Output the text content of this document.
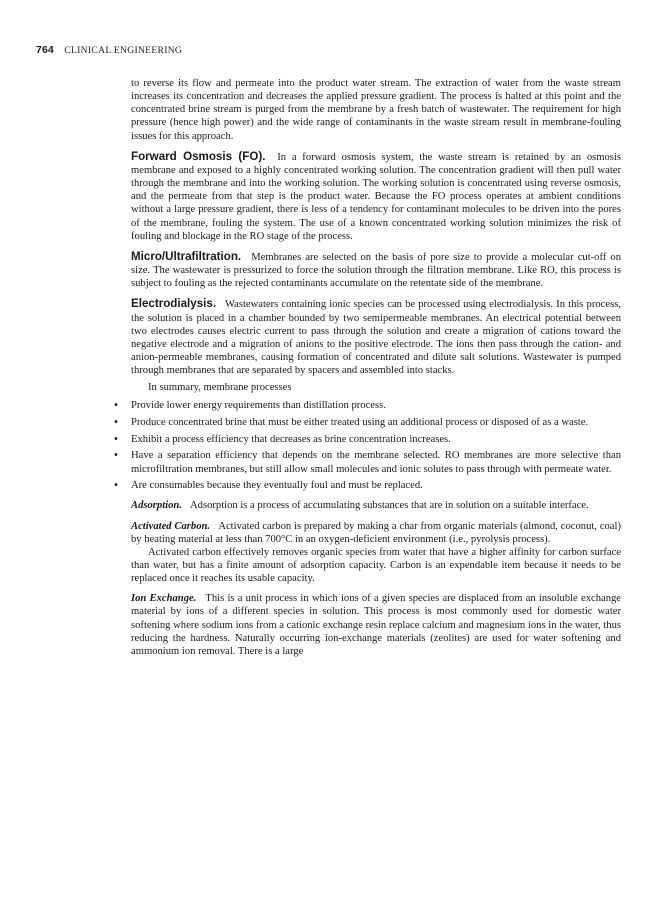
764 CLINICAL ENGINEERING

to reverse its flow and permeate into the product water stream. The extraction of water from the waste stream increases its concentration and decreases the applied pressure gradient. The process is halted at this point and the concentrated brine stream is purged from the membrane by a fresh batch of wastewater. The requirement for high pressure (hence high power) and the wide range of contaminants in the waste stream result in membrane-fouling issues for this approach.

Forward Osmosis (FO). In a forward osmosis system, the waste stream is retained by an osmosis membrane and exposed to a highly concentrated working solution. The concentration gradient will then pull water through the membrane and into the working solution. The working solution is concentrated using reverse osmosis, and the permeate from that step is the product water. Because the FO process operates at ambient conditions without a large pressure gradient, there is less of a tendency for contaminant molecules to be driven into the pores of the membrane, fouling the system. The use of a known concentrated working solution minimizes the risk of fouling and blockage in the RO stage of the process.

Micro/Ultrafiltration. Membranes are selected on the basis of pore size to provide a molecular cut-off on size. The wastewater is pressurized to force the solution through the filtration membrane. Like RO, this process is subject to fouling as the rejected contaminants accumulate on the retentate side of the membrane.

Electrodialysis. Wastewaters containing ionic species can be processed using electrodialysis. In this process, the solution is placed in a chamber bounded by two semipermeable membranes. An electrical potential between two electrodes causes electric current to pass through the solution and create a migration of cations toward the negative electrode and a migration of anions to the positive electrode. The ions then pass through the cation- and anion-permeable membranes, causing formation of concentrated and dilute salt solutions. Wastewater is pumped through membranes that are separated by spacers and assembled into stacks.

In summary, membrane processes

• Provide lower energy requirements than distillation process.
• Produce concentrated brine that must be either treated using an additional process or disposed of as a waste.
• Exhibit a process efficiency that decreases as brine concentration increases.
• Have a separation efficiency that depends on the membrane selected. RO membranes are more selective than microfiltration membranes, but still allow small molecules and ionic solutes to pass through with permeate water.
• Are consumables because they eventually foul and must be replaced.

Adsorption. Adsorption is a process of accumulating substances that are in solution on a suitable interface.

Activated Carbon. Activated carbon is prepared by making a char from organic materials (almond, coconut, coal) by heating material at less than 700°C in an oxygen-deficient environment (i.e., pyrolysis process).

Activated carbon effectively removes organic species from water that have a higher affinity for carbon surface than water, but has a finite amount of adsorption capacity. Carbon is an expendable item because it needs to be replaced once it reaches its usable capacity.

Ion Exchange. This is a unit process in which ions of a given species are displaced from an insoluble exchange material by ions of a different species in solution. This process is most commonly used for domestic water softening where sodium ions from a cationic exchange resin replace calcium and magnesium ions in the water, thus reducing the hardness. Naturally occurring ion-exchange materials (zeolites) are used for water softening and ammonium ion removal. There is a large
